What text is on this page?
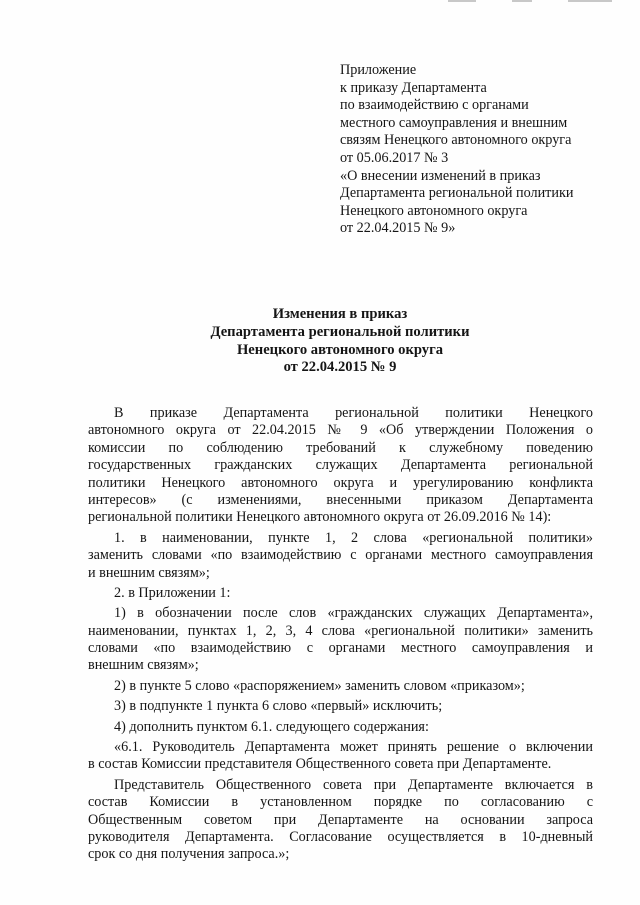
Приложение
к приказу Департамента
по взаимодействию с органами
местного самоуправления и внешним
связям Ненецкого автономного округа
от 05.06.2017 № 3
«О внесении изменений в приказ
Департамента региональной политики
Ненецкого автономного округа
от 22.04.2015 № 9»
Изменения в приказ
Департамента региональной политики
Ненецкого автономного округа
от 22.04.2015 № 9
В приказе Департамента региональной политики Ненецкого
автономного округа от 22.04.2015 № 9 «Об утверждении Положения о
комиссии по соблюдению требований к служебному поведению
государственных гражданских служащих Департамента региональной
политики Ненецкого автономного округа и урегулированию конфликта
интересов» (с изменениями, внесенными приказом Департамента
региональной политики Ненецкого автономного округа от 26.09.2016 № 14):
1. в наименовании, пункте 1, 2 слова «региональной политики»
заменить словами «по взаимодействию с органами местного самоуправления
и внешним связям»;
2. в Приложении 1:
1) в обозначении после слов «гражданских служащих Департамента»,
наименовании, пунктах 1, 2, 3, 4 слова «региональной политики» заменить
словами «по взаимодействию с органами местного самоуправления и
внешним связям»;
2) в пункте 5 слово «распоряжением» заменить словом «приказом»;
3) в подпункте 1 пункта 6 слово «первый» исключить;
4) дополнить пунктом 6.1. следующего содержания:
«6.1. Руководитель Департамента может принять решение о включении
в состав Комиссии представителя Общественного совета при Департаменте.
Представитель Общественного совета при Департаменте включается в
состав Комиссии в установленном порядке по согласованию с
Общественным советом при Департаменте на основании запроса
руководителя Департамента. Согласование осуществляется в 10-дневный
срок со дня получения запроса.»;
